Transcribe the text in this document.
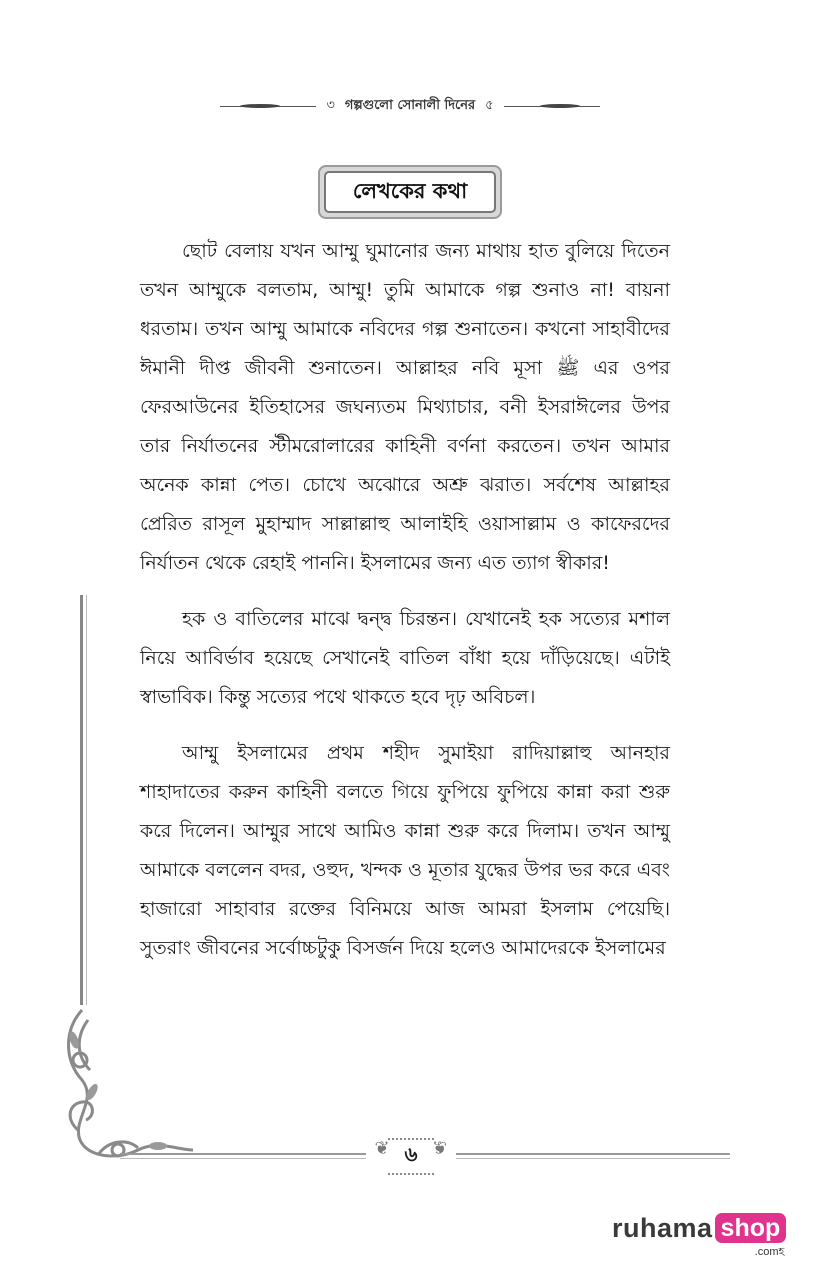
৩ গল্পগুলো সোনালী দিনের ৫
লেখকের কথা

ছোট বেলায় যখন আম্মু ঘুমানোর জন্য মাথায় হাত বুলিয়ে দিতেন তখন আম্মুকে বলতাম, আম্মু! তুমি আমাকে গল্প শুনাও না! বায়না ধরতাম। তখন আম্মু আমাকে নবিদের গল্প শুনাতেন। কখনো সাহাবীদের ঈমানী দীপ্ত জীবনী শুনাতেন। আল্লাহর নবি মূসা ﷺ এর ওপর ফেরআউনের ইতিহাসের জঘন্যতম মিথ্যাচার, বনী ইসরাঈলের উপর তার নির্যাতনের স্টীমরোলারের কাহিনী বর্ণনা করতেন। তখন আমার অনেক কান্না পেত। চোখে অঝোরে অশ্রু ঝরাত। সর্বশেষ আল্লাহর প্রেরিত রাসূল মুহাম্মাদ সাল্লাল্লাহু আলাইহি ওয়াসাল্লাম ও কাফেরদের নির্যাতন থেকে রেহাই পাননি। ইসলামের জন্য এত ত্যাগ স্বীকার!

হক ও বাতিলের মাঝে দ্বন্দ্ব চিরন্তন। যেখানেই হক সত্যের মশাল নিয়ে আবির্ভাব হয়েছে সেখানেই বাতিল বাঁধা হয়ে দাঁড়িয়েছে। এটাই স্বাভাবিক। কিন্তু সত্যের পথে থাকতে হবে দৃঢ় অবিচল।

আম্মু ইসলামের প্রথম শহীদ সুমাইয়া রাদিয়াল্লাহু আনহার শাহাদাতের করুন কাহিনী বলতে গিয়ে ফুপিয়ে ফুপিয়ে কান্না করা শুরু করে দিলেন। আম্মুর সাথে আমিও কান্না শুরু করে দিলাম। তখন আম্মু আমাকে বললেন বদর, ওহুদ, খন্দক ও মূতার যুদ্ধের উপর ভর করে এবং হাজারো সাহাবার রক্তের বিনিময়ে আজ আমরা ইসলাম পেয়েছি। সুতরাং জীবনের সর্বোচ্চটুকু বিসর্জন দিয়ে হলেও আমাদেরকে ইসলামের

❦ ৬ ❦
ruhama shop
.comহ
